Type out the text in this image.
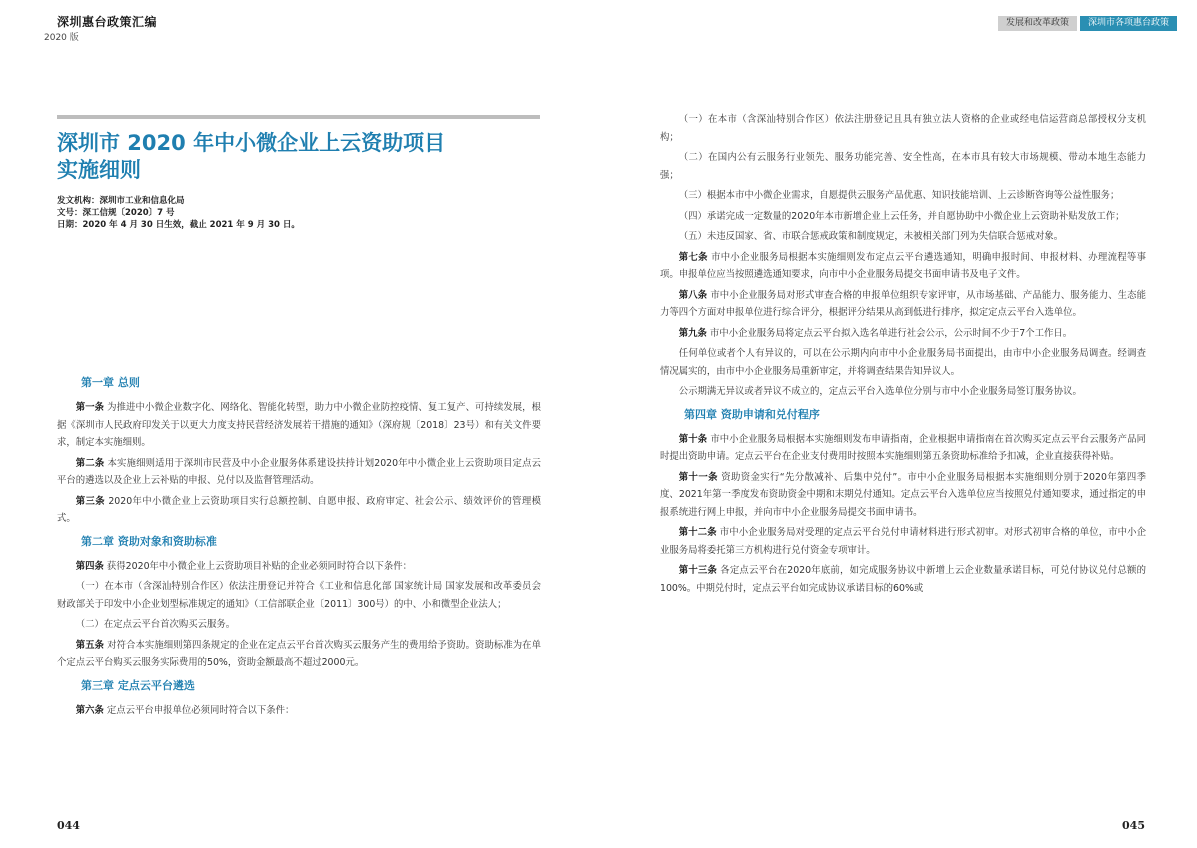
深圳惠台政策汇编
2020 版
深圳市 2020 年中小微企业上云资助项目
实施细则
发文机构：深圳市工业和信息化局
文号：深工信规〔2020〕7 号
日期：2020 年 4 月 30 日生效，截止 2021 年 9 月 30 日。
第一章 总则

第一条 为推进中小微企业数字化、网络化、智能化转型，助力中小微企业防控疫情、复工复产、可持续发展，根据《深圳市人民政府印发关于以更大力度支持民营经济发展若干措施的通知》（深府规〔2018〕23号）和有关文件要求，制定本实施细则。

第二条 本实施细则适用于深圳市民营及中小企业服务体系建设扶持计划2020年中小微企业上云资助项目定点云平台的遴选以及企业上云补贴的申报、兑付以及监督管理活动。

第三条 2020年中小微企业上云资助项目实行总额控制、自愿申报、政府审定、社会公示、绩效评价的管理模式。

第二章 资助对象和资助标准

第四条 获得2020年中小微企业上云资助项目补贴的企业必须同时符合以下条件：

（一）在本市（含深汕特别合作区）依法注册登记并符合《工业和信息化部 国家统计局 国家发展和改革委员会 财政部关于印发中小企业划型标准规定的通知》（工信部联企业〔2011〕300号）的中、小和微型企业法人；

（二）在定点云平台首次购买云服务。

第五条 对符合本实施细则第四条规定的企业在定点云平台首次购买云服务产生的费用给予资助。资助标准为在单个定点云平台购买云服务实际费用的50%，资助金额最高不超过2000元。

第三章 定点云平台遴选

第六条 定点云平台申报单位必须同时符合以下条件：

044
发展和改革政策	深圳市各项惠台政策

（一）在本市（含深汕特别合作区）依法注册登记且具有独立法人资格的企业或经电信运营商总部授权分支机构；

（二）在国内公有云服务行业领先、服务功能完善、安全性高，在本市具有较大市场规模、带动本地生态能力强；

（三）根据本市中小微企业需求，自愿提供云服务产品优惠、知识技能培训、上云诊断咨询等公益性服务；

（四）承诺完成一定数量的2020年本市新增企业上云任务，并自愿协助中小微企业上云资助补贴发放工作；

（五）未违反国家、省、市联合惩戒政策和制度规定，未被相关部门列为失信联合惩戒对象。

第七条 市中小企业服务局根据本实施细则发布定点云平台遴选通知，明确申报时间、申报材料、办理流程等事项。申报单位应当按照遴选通知要求，向市中小企业服务局提交书面申请书及电子文件。

第八条 市中小企业服务局对形式审查合格的申报单位组织专家评审，从市场基础、产品能力、服务能力、生态能力等四个方面对申报单位进行综合评分，根据评分结果从高到低进行排序，拟定定点云平台入选单位。

第九条 市中小企业服务局将定点云平台拟入选名单进行社会公示，公示时间不少于7个工作日。

任何单位或者个人有异议的，可以在公示期内向市中小企业服务局书面提出，由市中小企业服务局调查。经调查情况属实的，由市中小企业服务局重新审定，并将调查结果告知异议人。

公示期满无异议或者异议不成立的，定点云平台入选单位分别与市中小企业服务局签订服务协议。

第四章 资助申请和兑付程序

第十条 市中小企业服务局根据本实施细则发布申请指南，企业根据申请指南在首次购买定点云平台云服务产品同时提出资助申请。定点云平台在企业支付费用时按照本实施细则第五条资助标准给予扣减，企业直接获得补贴。

第十一条 资助资金实行“先分散减补、后集中兑付”。市中小企业服务局根据本实施细则分别于2020年第四季度、2021年第一季度发布资助资金中期和末期兑付通知。定点云平台入选单位应当按照兑付通知要求，通过指定的申报系统进行网上申报，并向市中小企业服务局提交书面申请书。

第十二条 市中小企业服务局对受理的定点云平台兑付申请材料进行形式初审。对形式初审合格的单位，市中小企业服务局将委托第三方机构进行兑付资金专项审计。

第十三条 各定点云平台在2020年底前，如完成服务协议中新增上云企业数量承诺目标，可兑付协议兑付总额的100%。中期兑付时，定点云平台如完成协议承诺目标的60%或

045
